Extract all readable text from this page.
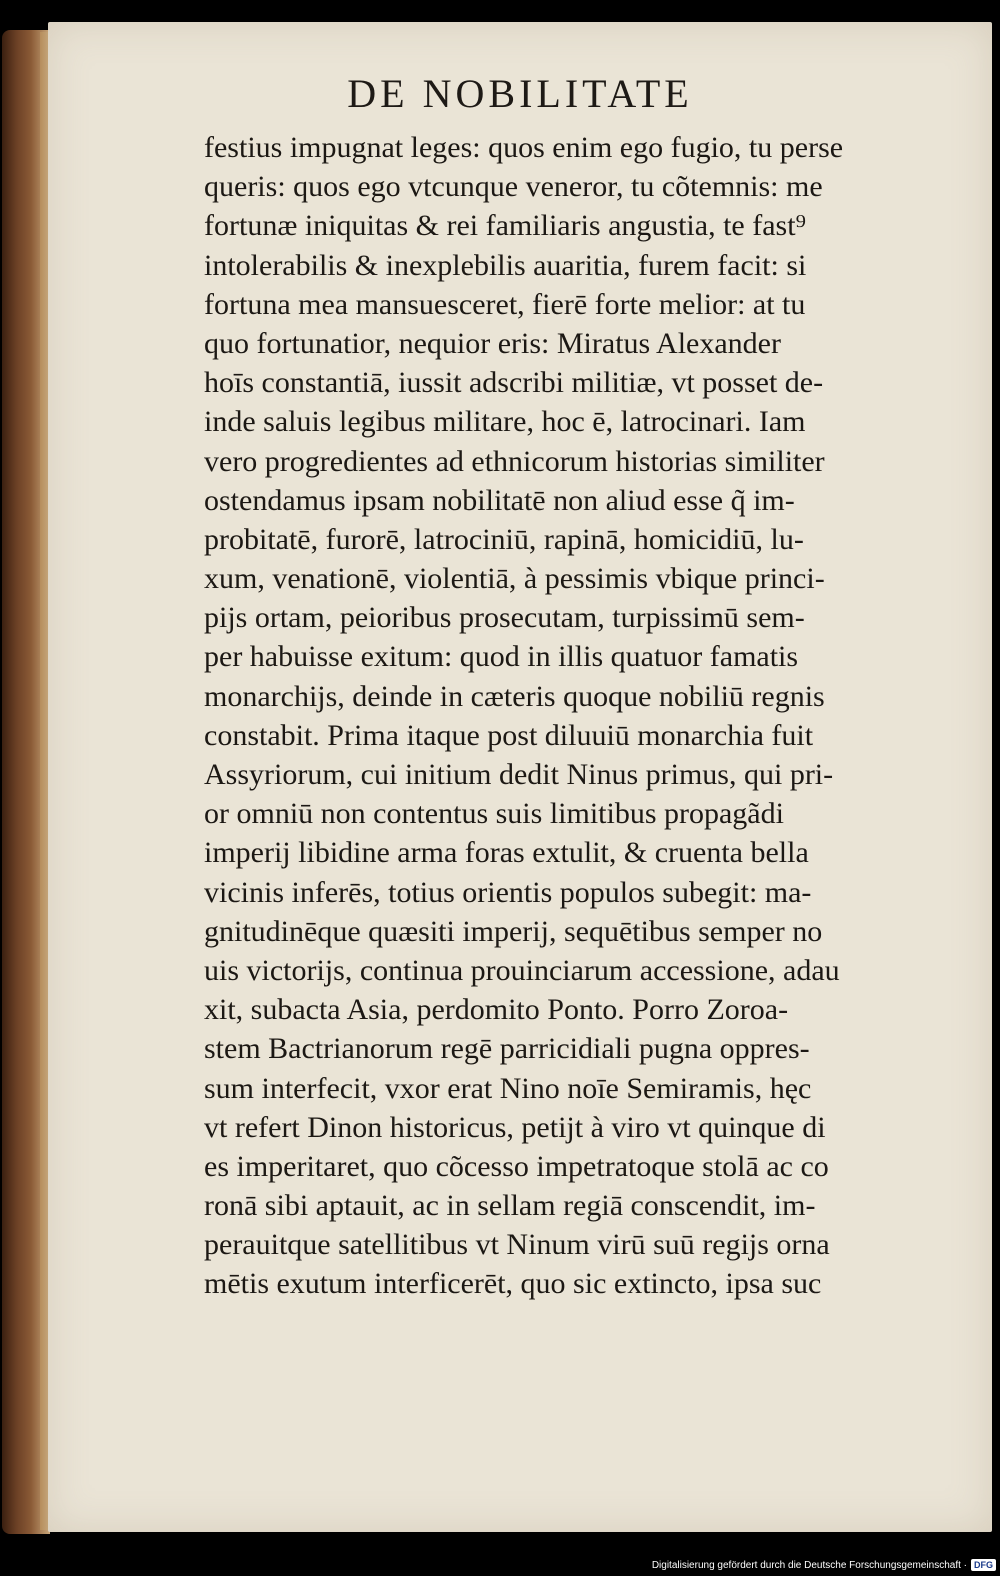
DE NOBILITATE
festius impugnat leges: quos enim ego fugio, tu perse
queris: quos ego vtcunque veneror, tu cõtemnis: me
fortunæ iniquitas & rei familiaris angustia, te fast⁹
intolerabilis & inexplebilis auaritia, furem facit: si
fortuna mea mansuesceret, fierē forte melior: at tu
quo fortunatior, nequior eris: Miratus Alexander
hoīs constantiā, iussit adscribi militiæ, vt posset de-
inde saluis legibus militare, hoc ē, latrocinari. Iam
vero progredientes ad ethnicorum historias similiter
ostendamus ipsam nobilitatē non aliud esse q̃ im-
probitatē, furorē, latrociniū, rapinā, homicidiū, lu-
xum, venationē, violentiā, à pessimis vbique princi-
pijs ortam, peioribus prosecutam, turpissimū sem-
per habuisse exitum: quod in illis quatuor famatis
monarchijs, deinde in cæteris quoque nobiliū regnis
constabit. Prima itaque post diluuiū monarchia fuit
Assyriorum, cui initium dedit Ninus primus, qui pri-
or omniū non contentus suis limitibus propagãdi
imperij libidine arma foras extulit, & cruenta bella
vicinis inferēs, totius orientis populos subegit: ma-
gnitudinēque quæsiti imperij, sequētibus semper no
uis victorijs, continua prouinciarum accessione, adau
xit, subacta Asia, perdomito Ponto. Porro Zoroa-
stem Bactrianorum regē parricidiali pugna oppres-
sum interfecit, vxor erat Nino noīe Semiramis, hęc
vt refert Dinon historicus, petijt à viro vt quinque di
es imperitaret, quo cõcesso impetratoque stolā ac co
ronā sibi aptauit, ac in sellam regiā conscendit, im-
perauitque satellitibus vt Ninum virū suū regijs orna
mētis exutum interficerēt, quo sic extincto, ipsa suc
Digitalisierung gefördert durch die Deutsche Forschungsgemeinschaft · DFG
